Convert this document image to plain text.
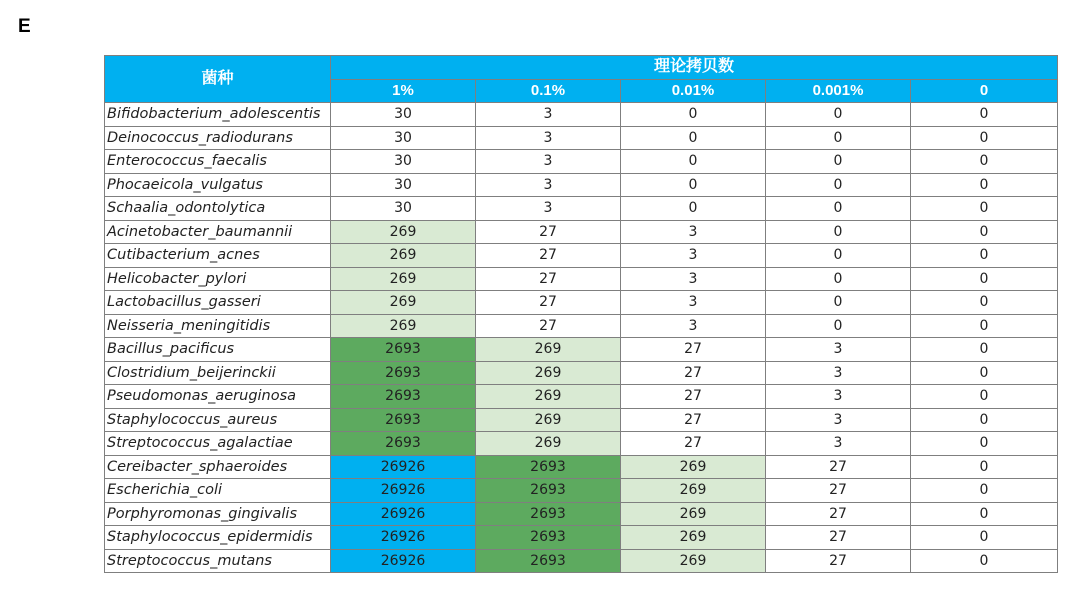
E
菌种	理论拷贝数				
	1%	0.1%	0.01%	0.001%	0
Bifidobacterium_adolescentis	30	3	0	0	0
Deinococcus_radiodurans	30	3	0	0	0
Enterococcus_faecalis	30	3	0	0	0
Phocaeicola_vulgatus	30	3	0	0	0
Schaalia_odontolytica	30	3	0	0	0
Acinetobacter_baumannii	269	27	3	0	0
Cutibacterium_acnes	269	27	3	0	0
Helicobacter_pylori	269	27	3	0	0
Lactobacillus_gasseri	269	27	3	0	0
Neisseria_meningitidis	269	27	3	0	0
Bacillus_pacificus	2693	269	27	3	0
Clostridium_beijerinckii	2693	269	27	3	0
Pseudomonas_aeruginosa	2693	269	27	3	0
Staphylococcus_aureus	2693	269	27	3	0
Streptococcus_agalactiae	2693	269	27	3	0
Cereibacter_sphaeroides	26926	2693	269	27	0
Escherichia_coli	26926	2693	269	27	0
Porphyromonas_gingivalis	26926	2693	269	27	0
Staphylococcus_epidermidis	26926	2693	269	27	0
Streptococcus_mutans	26926	2693	269	27	0
